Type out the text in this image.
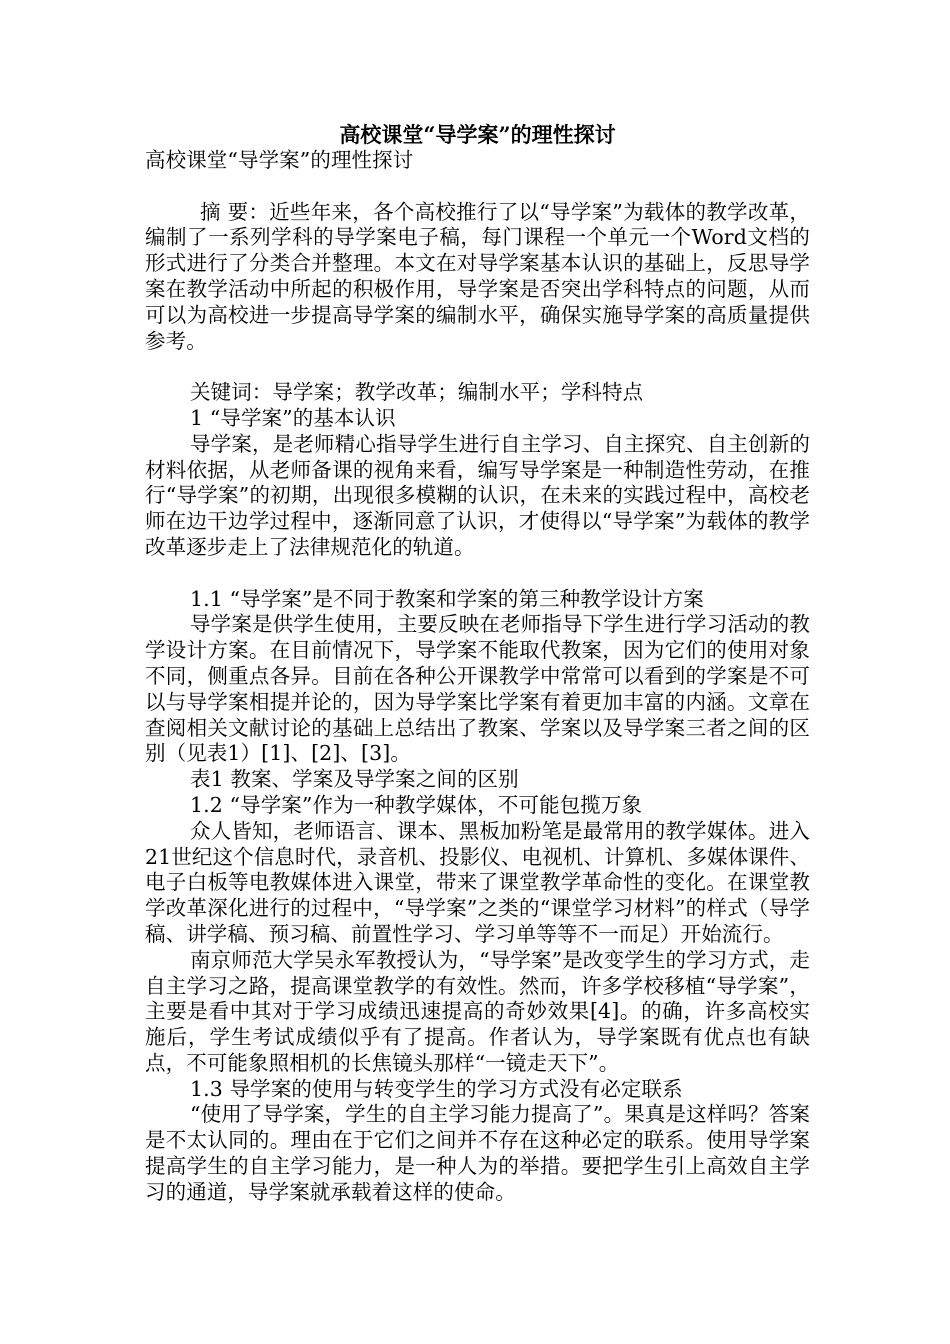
高校课堂“导学案”的理性探讨

高校课堂“导学案”的理性探讨

摘 要：近些年来，各个高校推行了以“导学案”为载体的教学改革，编制了一系列学科的导学案电子稿，每门课程一个单元一个Word文档的形式进行了分类合并整理。本文在对导学案基本认识的基础上，反思导学案在教学活动中所起的积极作用，导学案是否突出学科特点的问题，从而可以为高校进一步提高导学案的编制水平，确保实施导学案的高质量提供参考。

关键词：导学案；教学改革；编制水平；学科特点

1 “导学案”的基本认识

导学案，是老师精心指导学生进行自主学习、自主探究、自主创新的材料依据，从老师备课的视角来看，编写导学案是一种制造性劳动，在推行“导学案”的初期，出现很多模糊的认识，在未来的实践过程中，高校老师在边干边学过程中，逐渐同意了认识，才使得以“导学案”为载体的教学改革逐步走上了法律规范化的轨道。

1.1 “导学案”是不同于教案和学案的第三种教学设计方案

导学案是供学生使用，主要反映在老师指导下学生进行学习活动的教学设计方案。在目前情况下，导学案不能取代教案，因为它们的使用对象不同，侧重点各异。目前在各种公开课教学中常常可以看到的学案是不可以与导学案相提并论的，因为导学案比学案有着更加丰富的内涵。文章在查阅相关文献讨论的基础上总结出了教案、学案以及导学案三者之间的区别（见表1）[1]、[2]、[3]。

表1 教案、学案及导学案之间的区别

1.2 “导学案”作为一种教学媒体，不可能包揽万象

众人皆知，老师语言、课本、黑板加粉笔是最常用的教学媒体。进入21世纪这个信息时代，录音机、投影仪、电视机、计算机、多媒体课件、电子白板等电教媒体进入课堂，带来了课堂教学革命性的变化。在课堂教学改革深化进行的过程中，“导学案”之类的“课堂学习材料”的样式（导学稿、讲学稿、预习稿、前置性学习、学习单等等不一而足）开始流行。

南京师范大学吴永军教授认为，“导学案”是改变学生的学习方式，走自主学习之路，提高课堂教学的有效性。然而，许多学校移植“导学案”，主要是看中其对于学习成绩迅速提高的奇妙效果[4]。的确，许多高校实施后，学生考试成绩似乎有了提高。作者认为，导学案既有优点也有缺点，不可能象照相机的长焦镜头那样“一镜走天下”。

1.3 导学案的使用与转变学生的学习方式没有必定联系

“使用了导学案，学生的自主学习能力提高了”。果真是这样吗？答案是不太认同的。理由在于它们之间并不存在这种必定的联系。使用导学案提高学生的自主学习能力，是一种人为的举措。要把学生引上高效自主学习的通道，导学案就承载着这样的使命。
